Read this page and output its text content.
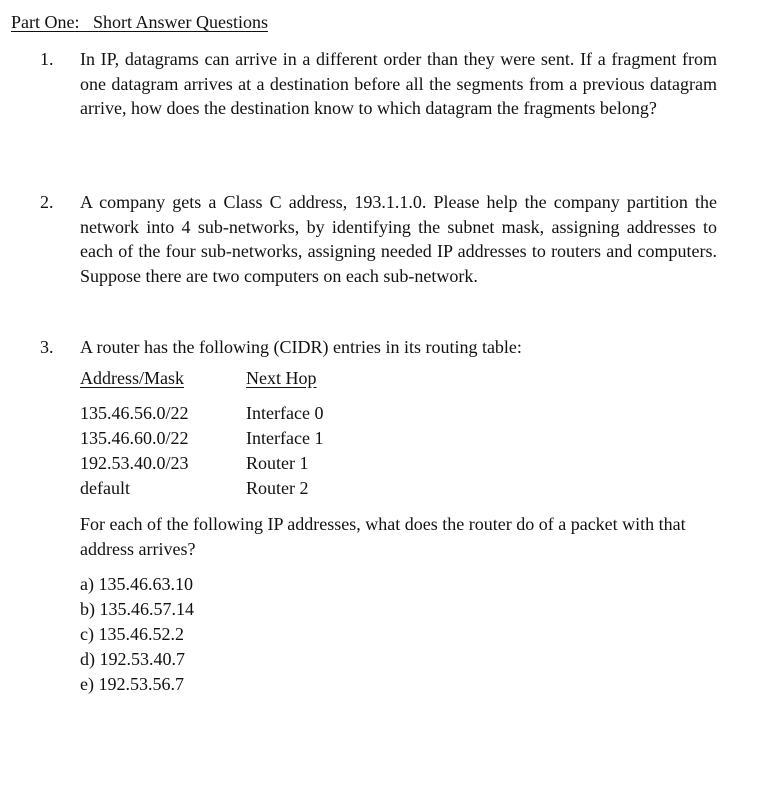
Part One:   Short Answer Questions
1. In IP, datagrams can arrive in a different order than they were sent. If a fragment from one datagram arrives at a destination before all the segments from a previous datagram arrive, how does the destination know to which datagram the fragments belong?
2. A company gets a Class C address, 193.1.1.0. Please help the company partition the network into 4 sub-networks, by identifying the subnet mask, assigning addresses to each of the four sub-networks, assigning needed IP addresses to routers and computers. Suppose there are two computers on each sub-network.
3. A router has the following (CIDR) entries in its routing table:
Address/Mask	Next Hop
135.46.56.0/22	Interface 0
135.46.60.0/22	Interface 1
192.53.40.0/23	Router 1
default	Router 2
For each of the following IP addresses, what does the router do of a packet with that address arrives?
a) 135.46.63.10
b) 135.46.57.14
c) 135.46.52.2
d) 192.53.40.7
e) 192.53.56.7
